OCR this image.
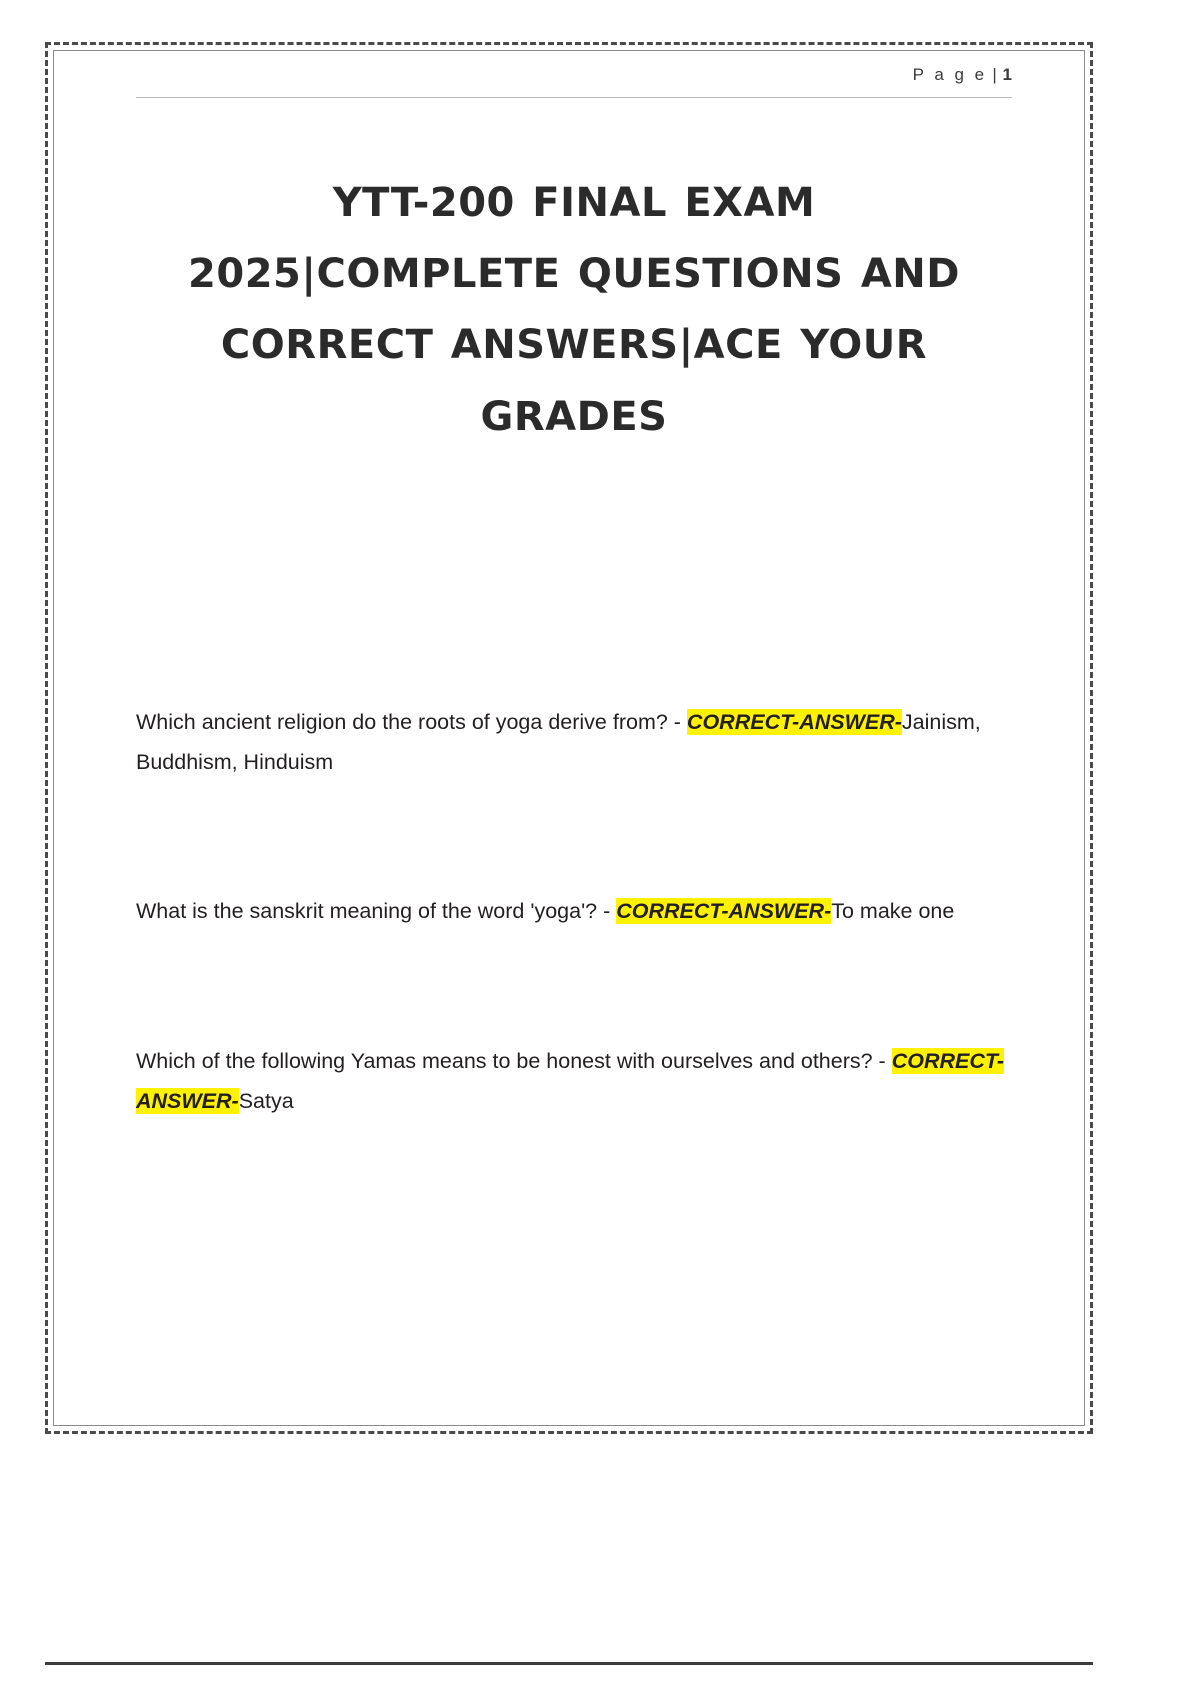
P a g e | 1
YTT-200 FINAL EXAM 2025|COMPLETE QUESTIONS AND CORRECT ANSWERS|ACE YOUR GRADES
Which ancient religion do the roots of yoga derive from? - CORRECT-ANSWER-Jainism, Buddhism, Hinduism
What is the sanskrit meaning of the word 'yoga'? - CORRECT-ANSWER-To make one
Which of the following Yamas means to be honest with ourselves and others? - CORRECT-ANSWER-Satya
